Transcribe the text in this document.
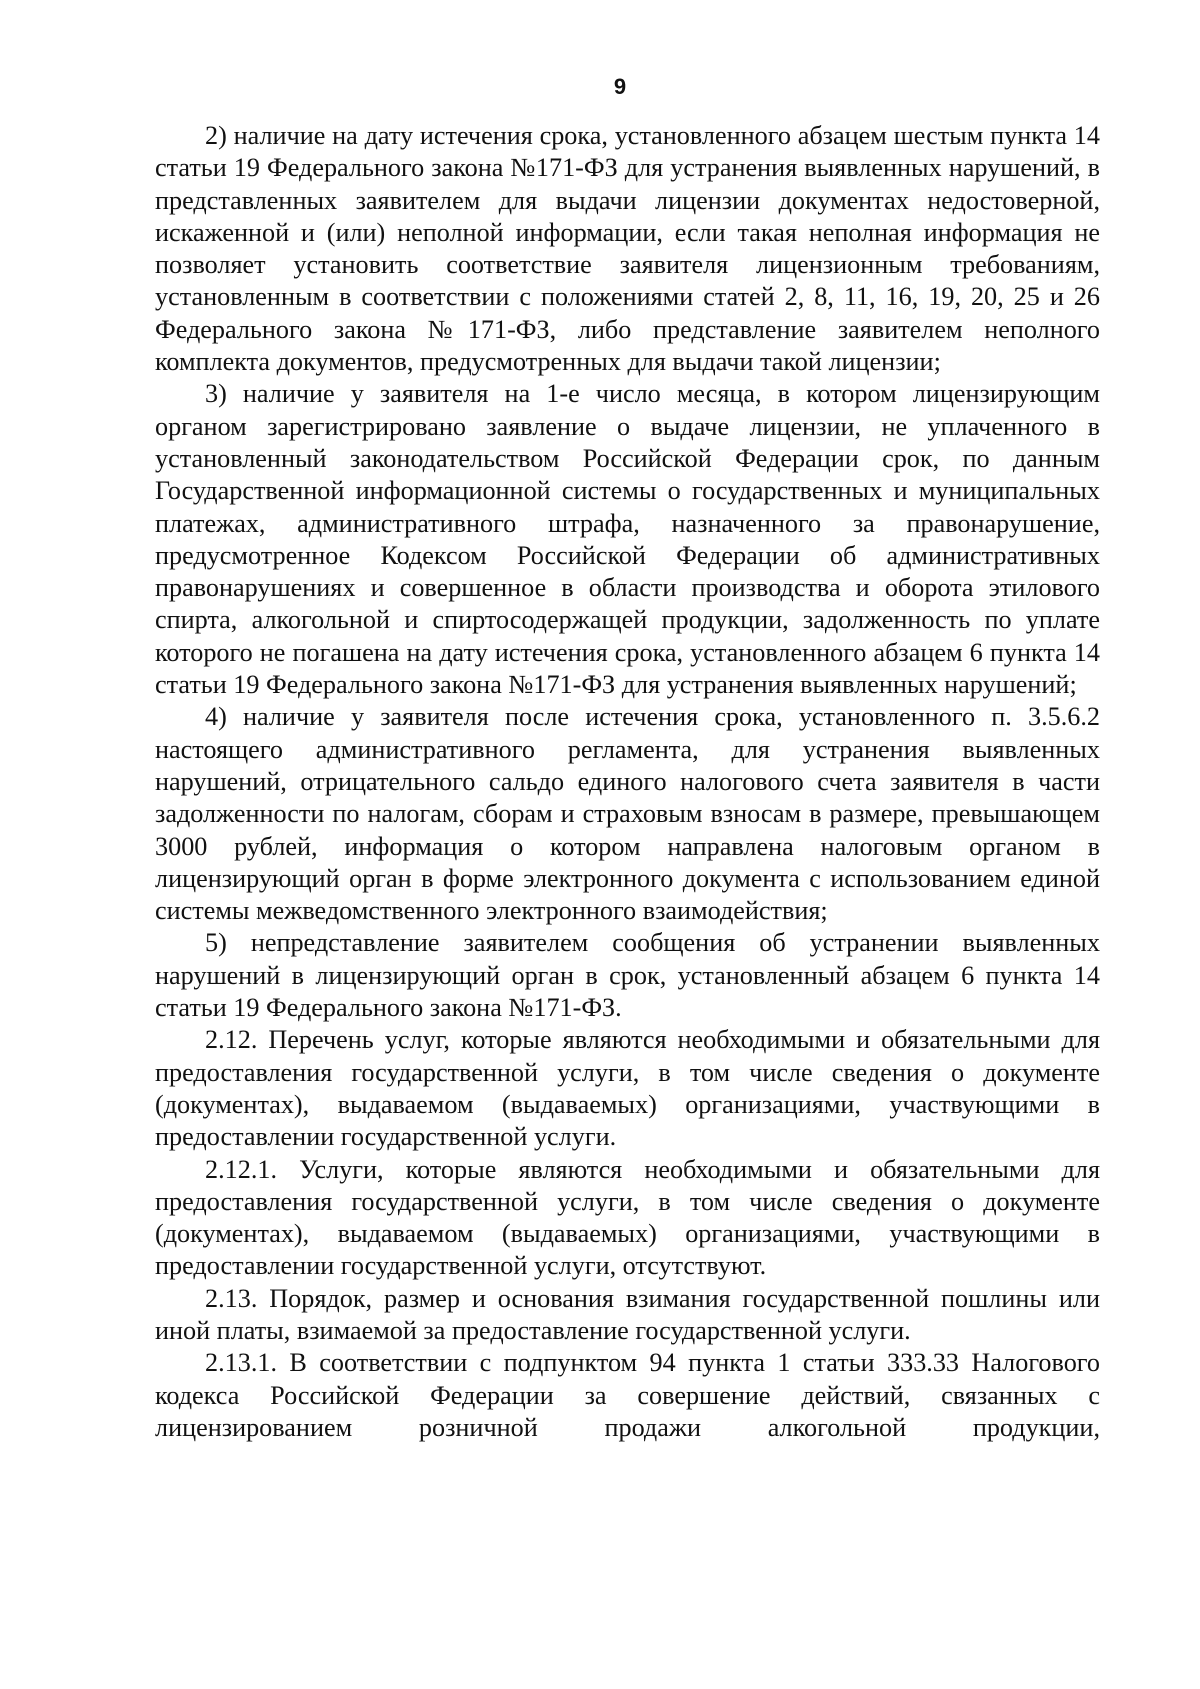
9

2) наличие на дату истечения срока, установленного абзацем шестым пункта 14 статьи 19 Федерального закона №171-ФЗ для устранения выявленных нарушений, в представленных заявителем для выдачи лицензии документах недостоверной, искаженной и (или) неполной информации, если такая неполная информация не позволяет установить соответствие заявителя лицензионным требованиям, установленным в соответствии с положениями статей 2, 8, 11, 16, 19, 20, 25 и 26 Федерального закона №171-ФЗ, либо представление заявителем неполного комплекта документов, предусмотренных для выдачи такой лицензии;

3) наличие у заявителя на 1-е число месяца, в котором лицензирующим органом зарегистрировано заявление о выдаче лицензии, не уплаченного в установленный законодательством Российской Федерации срок, по данным Государственной информационной системы о государственных и муниципальных платежах, административного штрафа, назначенного за правонарушение, предусмотренное Кодексом Российской Федерации об административных правонарушениях и совершенное в области производства и оборота этилового спирта, алкогольной и спиртосодержащей продукции, задолженность по уплате которого не погашена на дату истечения срока, установленного абзацем 6 пункта 14 статьи 19 Федерального закона №171-ФЗ для устранения выявленных нарушений;

4) наличие у заявителя после истечения срока, установленного п. 3.5.6.2 настоящего административного регламента, для устранения выявленных нарушений, отрицательного сальдо единого налогового счета заявителя в части задолженности по налогам, сборам и страховым взносам в размере, превышающем 3000 рублей, информация о котором направлена налоговым органом в лицензирующий орган в форме электронного документа с использованием единой системы межведомственного электронного взаимодействия;

5) непредставление заявителем сообщения об устранении выявленных нарушений в лицензирующий орган в срок, установленный абзацем 6 пункта 14 статьи 19 Федерального закона №171-ФЗ.

2.12. Перечень услуг, которые являются необходимыми и обязательными для предоставления государственной услуги, в том числе сведения о документе (документах), выдаваемом (выдаваемых) организациями, участвующими в предоставлении государственной услуги.

2.12.1. Услуги, которые являются необходимыми и обязательными для предоставления государственной услуги, в том числе сведения о документе (документах), выдаваемом (выдаваемых) организациями, участвующими в предоставлении государственной услуги, отсутствуют.

2.13. Порядок, размер и основания взимания государственной пошлины или иной платы, взимаемой за предоставление государственной услуги.

2.13.1. В соответствии с подпунктом 94 пункта 1 статьи 333.33 Налогового кодекса Российской Федерации за совершение действий, связанных с лицензированием розничной продажи алкогольной продукции,
